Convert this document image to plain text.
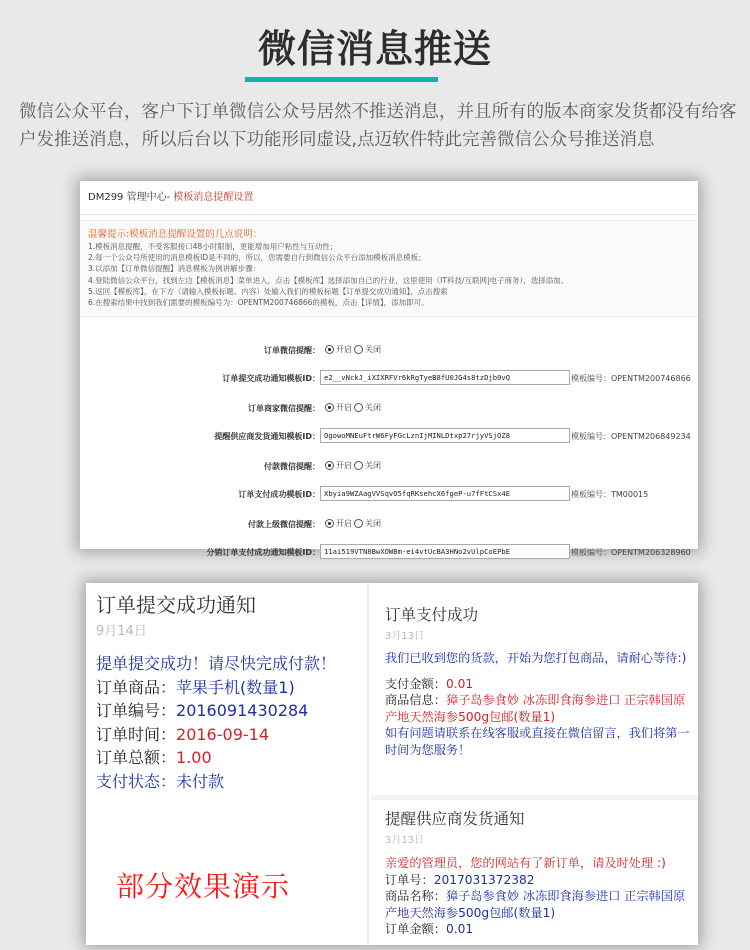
微信消息推送
微信公众平台，客户下订单微信公众号居然不推送消息，并且所有的版本商家发货都没有给客户发推送消息，所以后台以下功能形同虚设,点迈软件特此完善微信公众号推送消息
DM299 管理中心- 模板消息提醒设置
温馨提示:模板消息提醒设置的几点说明：
1.模板消息提醒，不受客服接口48小时限制，更能增加用户粘性与互动性；
2.每一个公众号所使用的消息模板ID是不同的，所以，您需要自行到微信公众平台添加模板消息模板；
3.以添加【订单微信提醒】消息模板为例讲解步骤：
4.登陆微信公众平台，找到左边【模板消息】菜单进入，点击【模板库】选择添加自己的行业，这里使用（IT科技/互联网|电子商务），选择添加。
5.返回【模板库】，在下方（请输入模板标题、内容）处输入我们的模板标题【订单提交成功通知】，点击搜索
6.在搜索结果中找到我们需要的模板编号为：OPENTM200746866的模板，点击【详情】，添加即可。
订单微信提醒： 开启 关闭
订单提交成功通知模板ID： e2__vNckJ_iXIXRFVr6kRgTyeB8fU0JG4s8tzDjb0vQ	模板编号：OPENTM200746866
订单商家微信提醒： 开启 关闭
提醒供应商发货通知模板ID： OgowoMNEuFtrW6FyFGcLznIjMINLDtxp27rjyVSjOZ8	模板编号：OPENTM206849234
付款微信提醒： 开启 关闭
订单支付成功模板ID： Xbyia9WZAagVVSqvO5fqRKsehcX6fgeP-u7fFtCSx4E	模板编号：TM00015
付款上级微信提醒： 开启 关闭
分销订单支付成功通知模板ID： 11ai519VTN8BwXOWBm-ei4vtUcBA3HNo2vUlpCoEPbE	模板编号：OPENTM206328960
订单提交成功通知
9月14日
提单提交成功！请尽快完成付款！
订单商品：苹果手机(数量1)
订单编号：2016091430284
订单时间：2016-09-14
订单总额：1.00
支付状态：未付款
部分效果演示
订单支付成功
3月13日
我们已收到您的货款，开始为您打包商品，请耐心等待:)
支付金额：0.01
商品信息：獐子岛参食妙 冰冻即食海参进口 正宗韩国原产地天然海参500g包邮(数量1)
如有问题请联系在线客服或直接在微信留言，我们将第一时间为您服务！
提醒供应商发货通知
3月13日
亲爱的管理员，您的网站有了新订单，请及时处理 :)
订单号：2017031372382
商品名称：獐子岛参食妙 冰冻即食海参进口 正宗韩国原产地天然海参500g包邮(数量1)
订单金额：0.01
